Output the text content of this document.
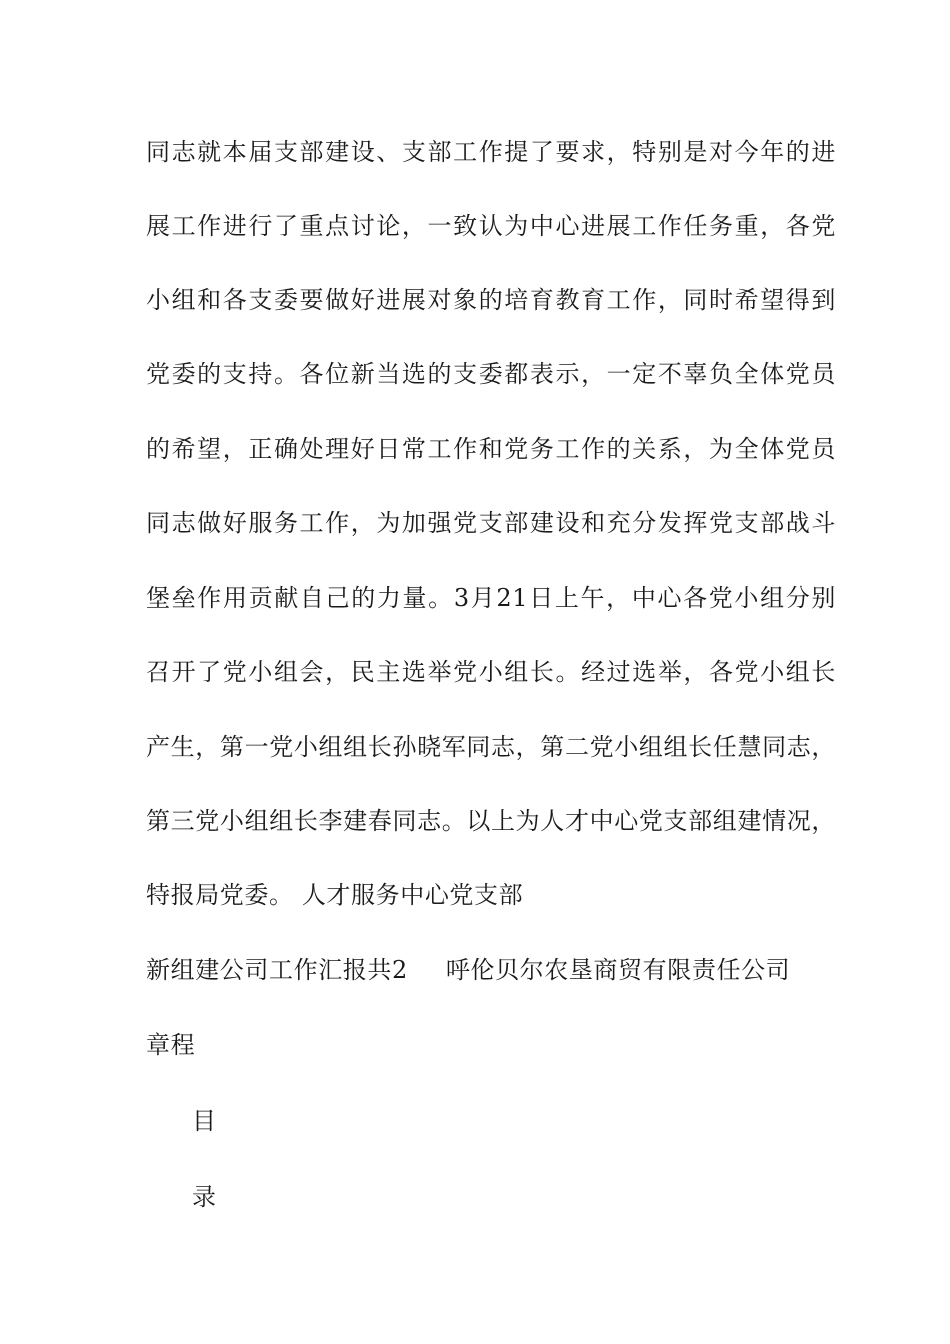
同志就本届支部建设、支部工作提了要求，特别是对今年的进
展工作进行了重点讨论，一致认为中心进展工作任务重，各党
小组和各支委要做好进展对象的培育教育工作，同时希望得到
党委的支持。各位新当选的支委都表示，一定不辜负全体党员
的希望，正确处理好日常工作和党务工作的关系，为全体党员
同志做好服务工作，为加强党支部建设和充分发挥党支部战斗
堡垒作用贡献自己的力量。3月21日上午，中心各党小组分别
召开了党小组会，民主选举党小组长。经过选举，各党小组长
产生，第一党小组组长孙晓军同志，第二党小组组长任慧同志，
第三党小组组长李建春同志。以上为人才中心党支部组建情况，
特报局党委。 人才服务中心党支部
新组建公司工作汇报共2 呼伦贝尔农垦商贸有限责任公司
章程
目
录
